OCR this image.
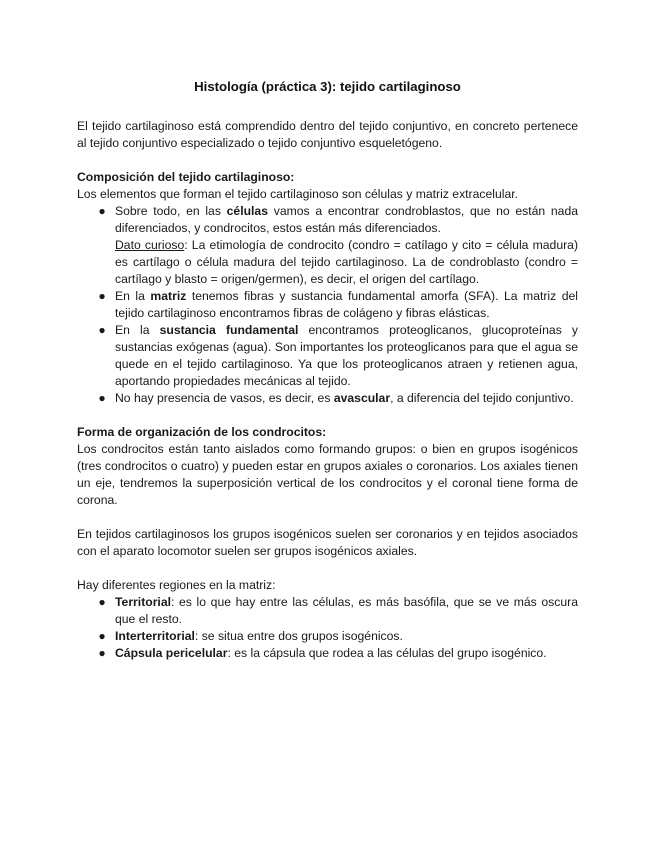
Histología (práctica 3): tejido cartilaginoso

El tejido cartilaginoso está comprendido dentro del tejido conjuntivo, en concreto pertenece al tejido conjuntivo especializado o tejido conjuntivo esqueletógeno.

Composición del tejido cartilaginoso:

Los elementos que forman el tejido cartilaginoso son células y matriz extracelular.

● Sobre todo, en las células vamos a encontrar condroblastos, que no están nada diferenciados, y condrocitos, estos están más diferenciados.
Dato curioso: La etimología de condrocito (condro = catílago y cito = célula madura) es cartílago o célula madura del tejido cartilaginoso. La de condroblasto (condro = cartílago y blasto = origen/germen), es decir, el origen del cartílago.
● En la matriz tenemos fibras y sustancia fundamental amorfa (SFA). La matriz del tejido cartilaginoso encontramos fibras de colágeno y fibras elásticas.
● En la sustancia fundamental encontramos proteoglicanos, glucoproteínas y sustancias exógenas (agua). Son importantes los proteoglicanos para que el agua se quede en el tejido cartilaginoso. Ya que los proteoglicanos atraen y retienen agua, aportando propiedades mecánicas al tejido.
● No hay presencia de vasos, es decir, es avascular, a diferencia del tejido conjuntivo.
Forma de organización de los condrocitos:

Los condrocitos están tanto aislados como formando grupos: o bien en grupos isogénicos (tres condrocitos o cuatro) y pueden estar en grupos axiales o coronarios. Los axiales tienen un eje, tendremos la superposición vertical de los condrocitos y el coronal tiene forma de corona.

En tejidos cartilaginosos los grupos isogénicos suelen ser coronarios y en tejidos asociados con el aparato locomotor suelen ser grupos isogénicos axiales.

Hay diferentes regiones en la matriz:

● Territorial: es lo que hay entre las células, es más basófila, que se ve más oscura que el resto.
● Interterritorial: se situa entre dos grupos isogénicos.
● Cápsula pericelular: es la cápsula que rodea a las células del grupo isogénico.
